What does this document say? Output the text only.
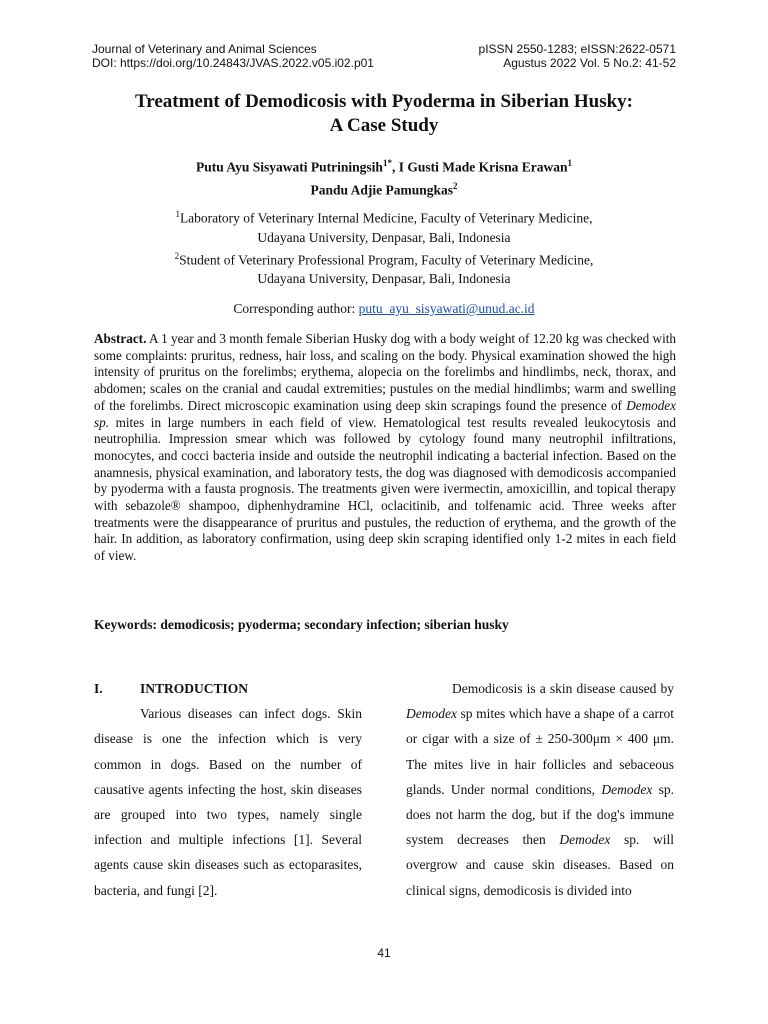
Journal of Veterinary and Animal Sciences
DOI: https://doi.org/10.24843/JVAS.2022.v05.i02.p01
pISSN 2550-1283; eISSN:2622-0571
Agustus 2022 Vol. 5 No.2: 41-52
Treatment of Demodicosis with Pyoderma in Siberian Husky:
A Case Study
Putu Ayu Sisyawati Putriningsih$^{1*}$, I Gusti Made Krisna Erawan$^1$
Pandu Adjie Pamungkas$^2$
$^1$Laboratory of Veterinary Internal Medicine, Faculty of Veterinary Medicine,
Udayana University, Denpasar, Bali, Indonesia
$^2$Student of Veterinary Professional Program, Faculty of Veterinary Medicine,
Udayana University, Denpasar, Bali, Indonesia
Corresponding author: putu_ayu_sisyawati@unud.ac.id
Abstract. A 1 year and 3 month female Siberian Husky dog with a body weight of 12.20 kg was checked with some complaints: pruritus, redness, hair loss, and scaling on the body. Physical examination showed the high intensity of pruritus on the forelimbs; erythema, alopecia on the forelimbs and hindlimbs, neck, thorax, and abdomen; scales on the cranial and caudal extremities; pustules on the medial hindlimbs; warm and swelling of the forelimbs. Direct microscopic examination using deep skin scrapings found the presence of Demodex sp. mites in large numbers in each field of view. Hematological test results revealed leukocytosis and neutrophilia. Impression smear which was followed by cytology found many neutrophil infiltrations, monocytes, and cocci bacteria inside and outside the neutrophil indicating a bacterial infection. Based on the anamnesis, physical examination, and laboratory tests, the dog was diagnosed with demodicosis accompanied by pyoderma with a fausta prognosis. The treatments given were ivermectin, amoxicillin, and topical therapy with sebazole® shampoo, diphenhydramine HCl, oclacitinib, and tolfenamic acid. Three weeks after treatments were the disappearance of pruritus and pustules, the reduction of erythema, and the growth of the hair. In addition, as laboratory confirmation, using deep skin scraping identified only 1-2 mites in each field of view.
Keywords: demodicosis; pyoderma; secondary infection; siberian husky
I.	INTRODUCTION
Various diseases can infect dogs. Skin disease is one the infection which is very common in dogs. Based on the number of causative agents infecting the host, skin diseases are grouped into two types, namely single infection and multiple infections [1]. Several agents cause skin diseases such as ectoparasites, bacteria, and fungi [2].
Demodicosis is a skin disease caused by Demodex sp mites which have a shape of a carrot or cigar with a size of ± 250-300μm × 400 μm. The mites live in hair follicles and sebaceous glands. Under normal conditions, Demodex sp. does not harm the dog, but if the dog's immune system decreases then Demodex sp. will overgrow and cause skin diseases. Based on clinical signs, demodicosis is divided into
41
